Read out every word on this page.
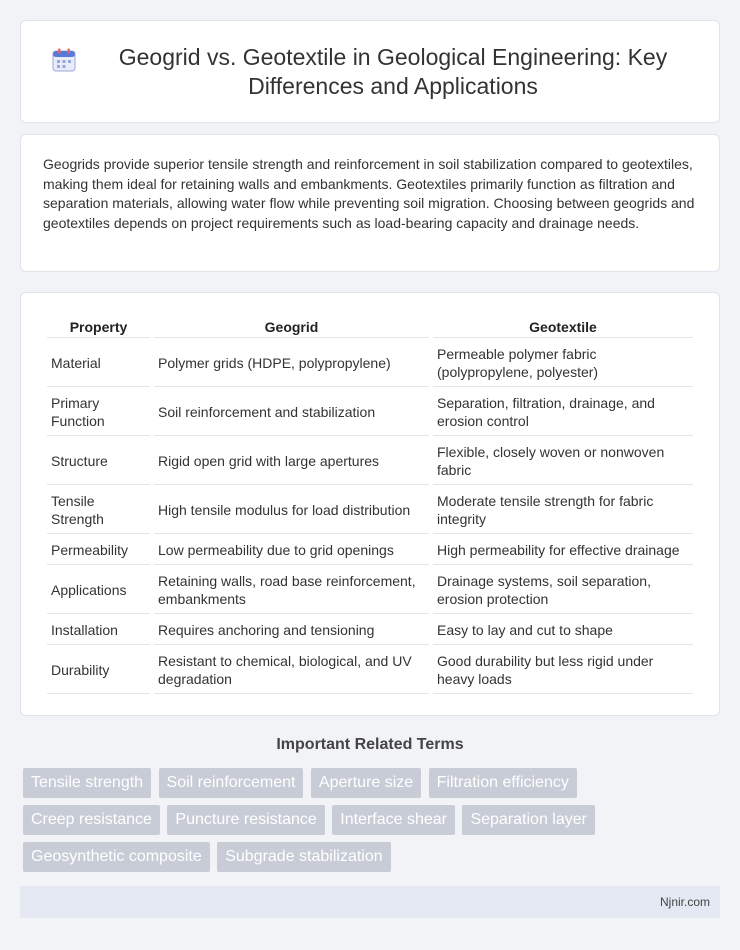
Geogrid vs. Geotextile in Geological Engineering: Key Differences and Applications

Geogrids provide superior tensile strength and reinforcement in soil stabilization compared to geotextiles, making them ideal for retaining walls and embankments. Geotextiles primarily function as filtration and separation materials, allowing water flow while preventing soil migration. Choosing between geogrids and geotextiles depends on project requirements such as load-bearing capacity and drainage needs.

Property	Geogrid	Geotextile
Material	Polymer grids (HDPE, polypropylene)	Permeable polymer fabric (polypropylene, polyester)
Primary Function	Soil reinforcement and stabilization	Separation, filtration, drainage, and erosion control
Structure	Rigid open grid with large apertures	Flexible, closely woven or nonwoven fabric
Tensile Strength	High tensile modulus for load distribution	Moderate tensile strength for fabric integrity
Permeability	Low permeability due to grid openings	High permeability for effective drainage
Applications	Retaining walls, road base reinforcement, embankments	Drainage systems, soil separation, erosion protection
Installation	Requires anchoring and tensioning	Easy to lay and cut to shape
Durability	Resistant to chemical, biological, and UV degradation	Good durability but less rigid under heavy loads
Important Related Terms
Tensile strength Soil reinforcement Aperture size Filtration efficiency Creep resistance Puncture resistance Interface shear Separation layer Geosynthetic composite Subgrade stabilization
Njnir.com
